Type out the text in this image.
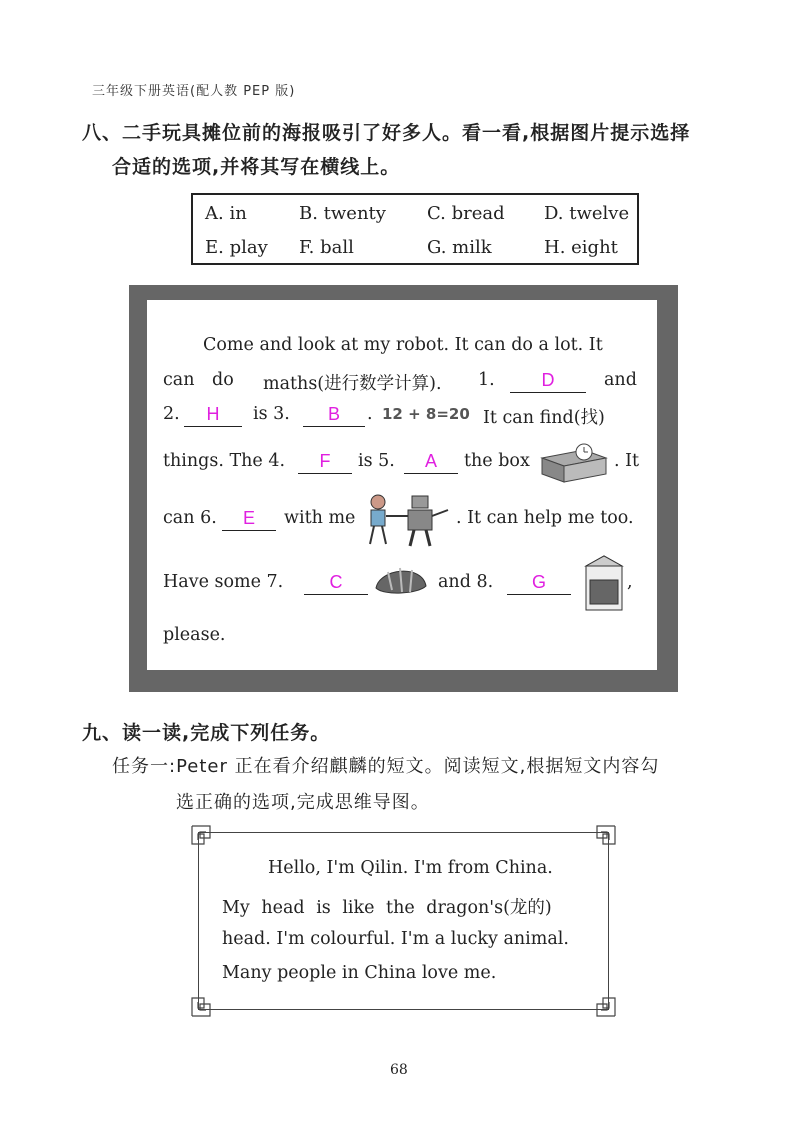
三年级下册英语(配人教 PEP 版)
八、二手玩具摊位前的海报吸引了好多人。看一看,根据图片提示选择
合适的选项,并将其写在横线上。
A. in	B. twenty C. bread D. twelve
E. play F. ball	G. milk	H. eight
Come and look at my robot. It can do a lot. It
can do maths(进行数学计算). 1.	D	and
2.	H	is 3.	B	. 12 + 8=20 It can find(找)
things. The 4.	F	is 5.	A	the box	. It
can 6.	E	with me	. It can help me too.
Have some 7.	C	and 8.	G	,
please.
九、读一读,完成下列任务。
任务一:Peter 正在看介绍麒麟的短文。阅读短文,根据短文内容勾
选正确的选项,完成思维导图。
Hello, I'm Qilin. I'm from China.
My head is like the dragon's(龙的)
head. I'm colourful. I'm a lucky animal.
Many people in China love me.
68
